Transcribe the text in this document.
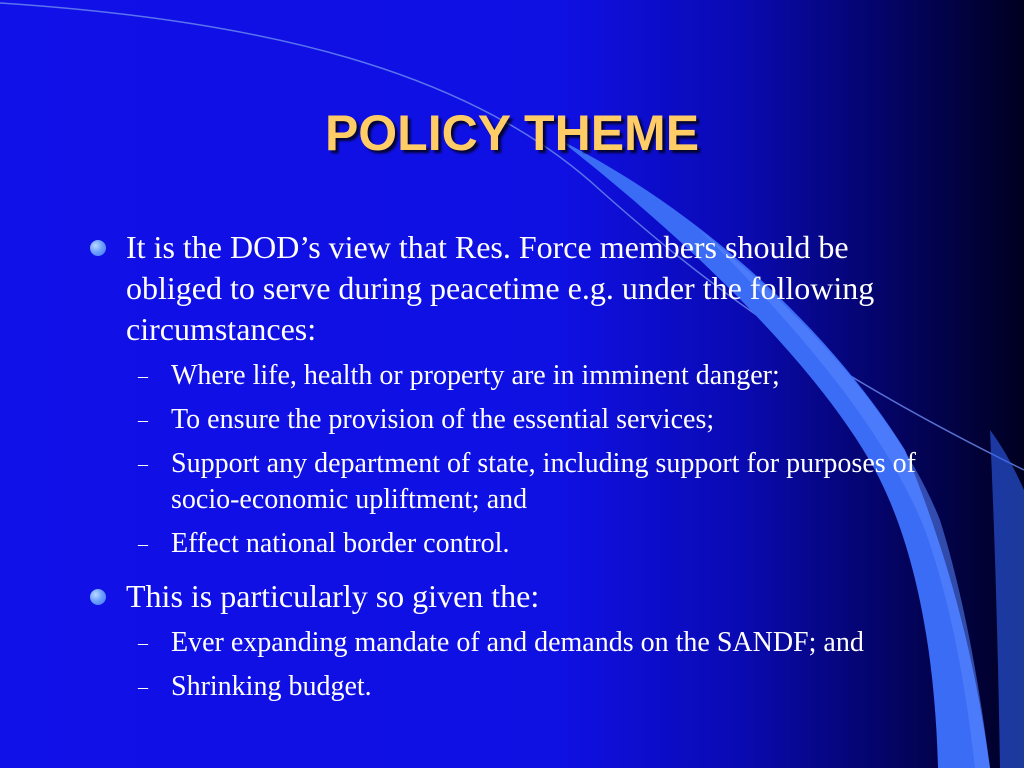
POLICY THEME
It is the DOD’s view that Res. Force members should be obliged to serve during peacetime e.g. under the following circumstances:
– Where life, health or property are in imminent danger;
– To ensure the provision of the essential services;
– Support any department of state, including support for purposes of socio-economic upliftment; and
– Effect national border control.
This is particularly so given the:
– Ever expanding mandate of and demands on the SANDF; and
– Shrinking budget.
